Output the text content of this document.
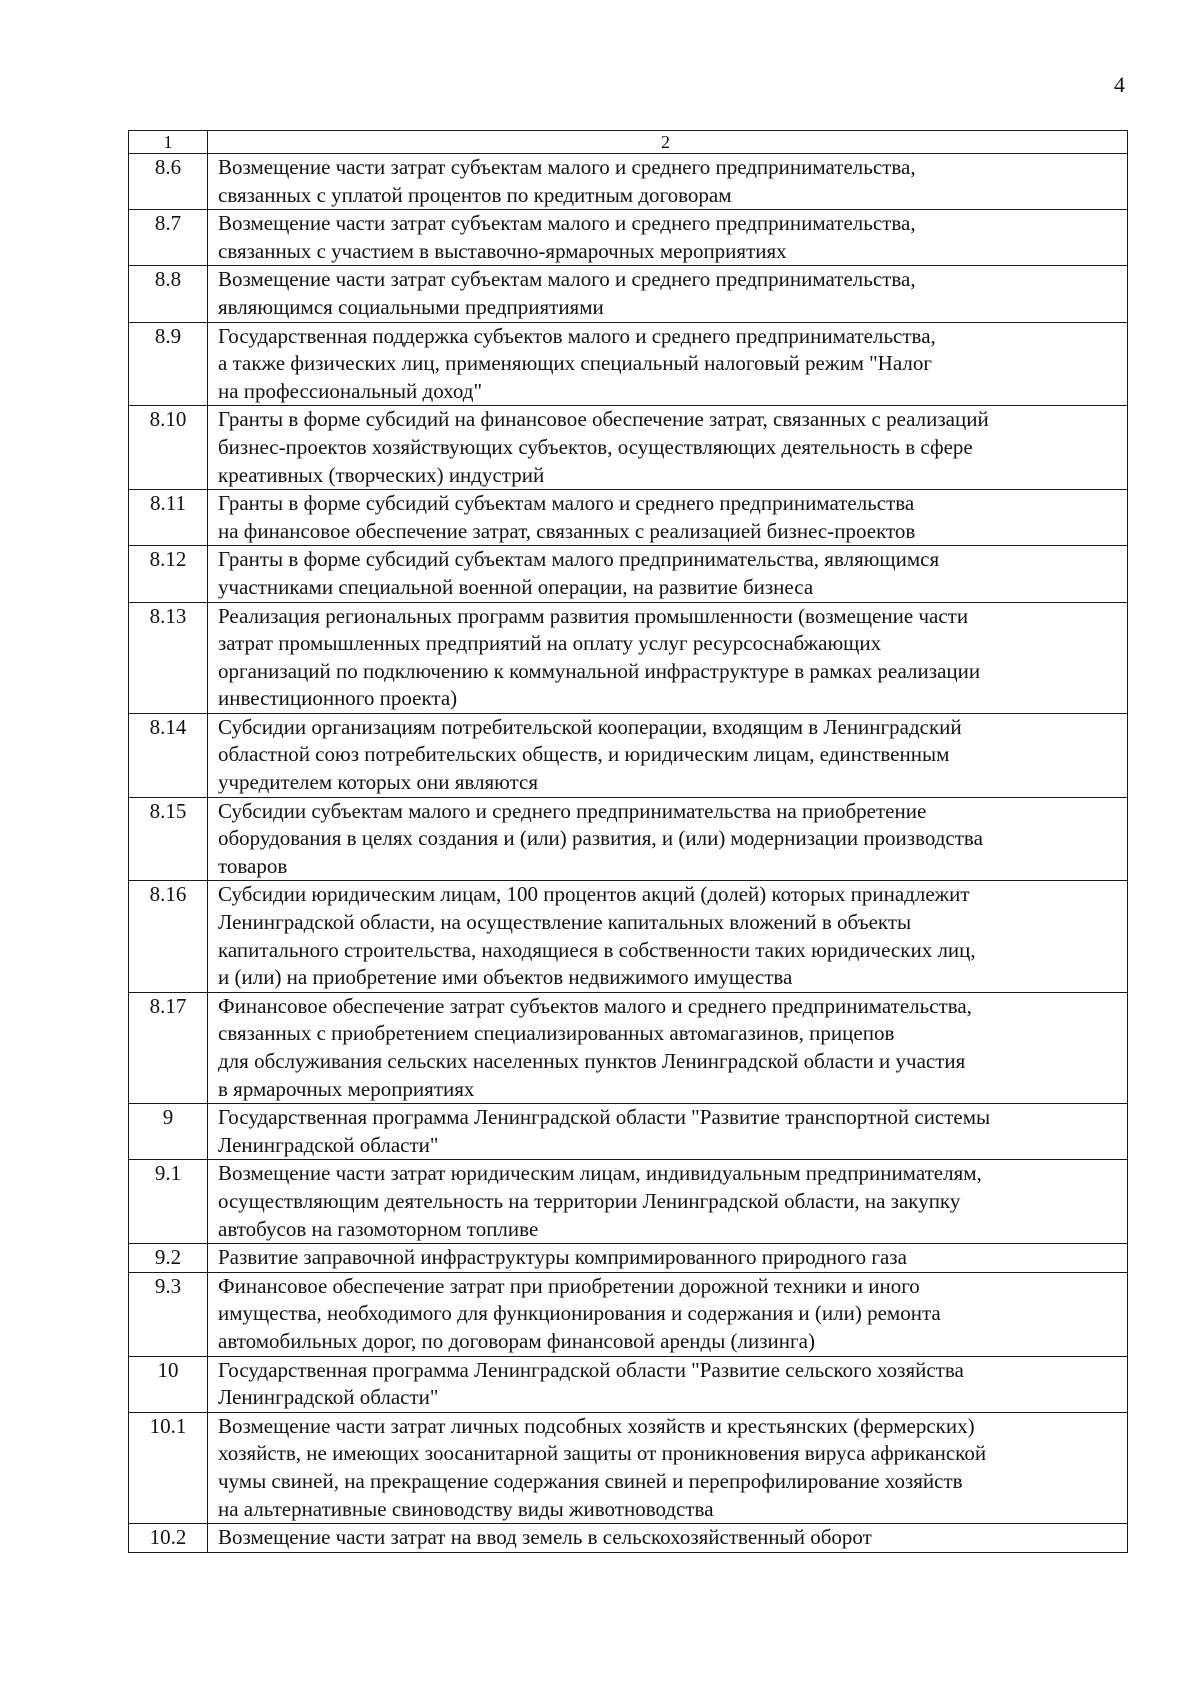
4
1	2
8.6	Возмещение части затрат субъектам малого и среднего предпринимательства,
связанных с уплатой процентов по кредитным договорам

8.7	Возмещение части затрат субъектам малого и среднего предпринимательства,
связанных с участием в выставочно-ярмарочных мероприятиях

8.8	Возмещение части затрат субъектам малого и среднего предпринимательства,
являющимся социальными предприятиями

8.9	Государственная поддержка субъектов малого и среднего предпринимательства,
а также физических лиц, применяющих специальный налоговый режим "Налог
на профессиональный доход"

8.10	Гранты в форме субсидий на финансовое обеспечение затрат, связанных с реализаций
бизнес-проектов хозяйствующих субъектов, осуществляющих деятельность в сфере
креативных (творческих) индустрий

8.11	Гранты в форме субсидий субъектам малого и среднего предпринимательства
на финансовое обеспечение затрат, связанных с реализацией бизнес-проектов

8.12	Гранты в форме субсидий субъектам малого предпринимательства, являющимся
участниками специальной военной операции, на развитие бизнеса

8.13	Реализация региональных программ развития промышленности (возмещение части
затрат промышленных предприятий на оплату услуг ресурсоснабжающих
организаций по подключению к коммунальной инфраструктуре в рамках реализации
инвестиционного проекта)

8.14	Субсидии организациям потребительской кооперации, входящим в Ленинградский
областной союз потребительских обществ, и юридическим лицам, единственным
учредителем которых они являются

8.15	Субсидии субъектам малого и среднего предпринимательства на приобретение
оборудования в целях создания и (или) развития, и (или) модернизации производства
товаров

8.16	Субсидии юридическим лицам, 100 процентов акций (долей) которых принадлежит
Ленинградской области, на осуществление капитальных вложений в объекты
капитального строительства, находящиеся в собственности таких юридических лиц,
и (или) на приобретение ими объектов недвижимого имущества

8.17	Финансовое обеспечение затрат субъектов малого и среднего предпринимательства,
связанных с приобретением специализированных автомагазинов, прицепов
для обслуживания сельских населенных пунктов Ленинградской области и участия
в ярмарочных мероприятиях

9	Государственная программа Ленинградской области "Развитие транспортной системы
Ленинградской области"

9.1	Возмещение части затрат юридическим лицам, индивидуальным предпринимателям,
осуществляющим деятельность на территории Ленинградской области, на закупку
автобусов на газомоторном топливе

9.2	Развитие заправочной инфраструктуры компримированного природного газа

9.3	Финансовое обеспечение затрат при приобретении дорожной техники и иного
имущества, необходимого для функционирования и содержания и (или) ремонта
автомобильных дорог, по договорам финансовой аренды (лизинга)

10	Государственная программа Ленинградской области "Развитие сельского хозяйства
Ленинградской области"

10.1	Возмещение части затрат личных подсобных хозяйств и крестьянских (фермерских)
хозяйств, не имеющих зоосанитарной защиты от проникновения вируса африканской
чумы свиней, на прекращение содержания свиней и перепрофилирование хозяйств
на альтернативные свиноводству виды животноводства

10.2	Возмещение части затрат на ввод земель в сельскохозяйственный оборот
